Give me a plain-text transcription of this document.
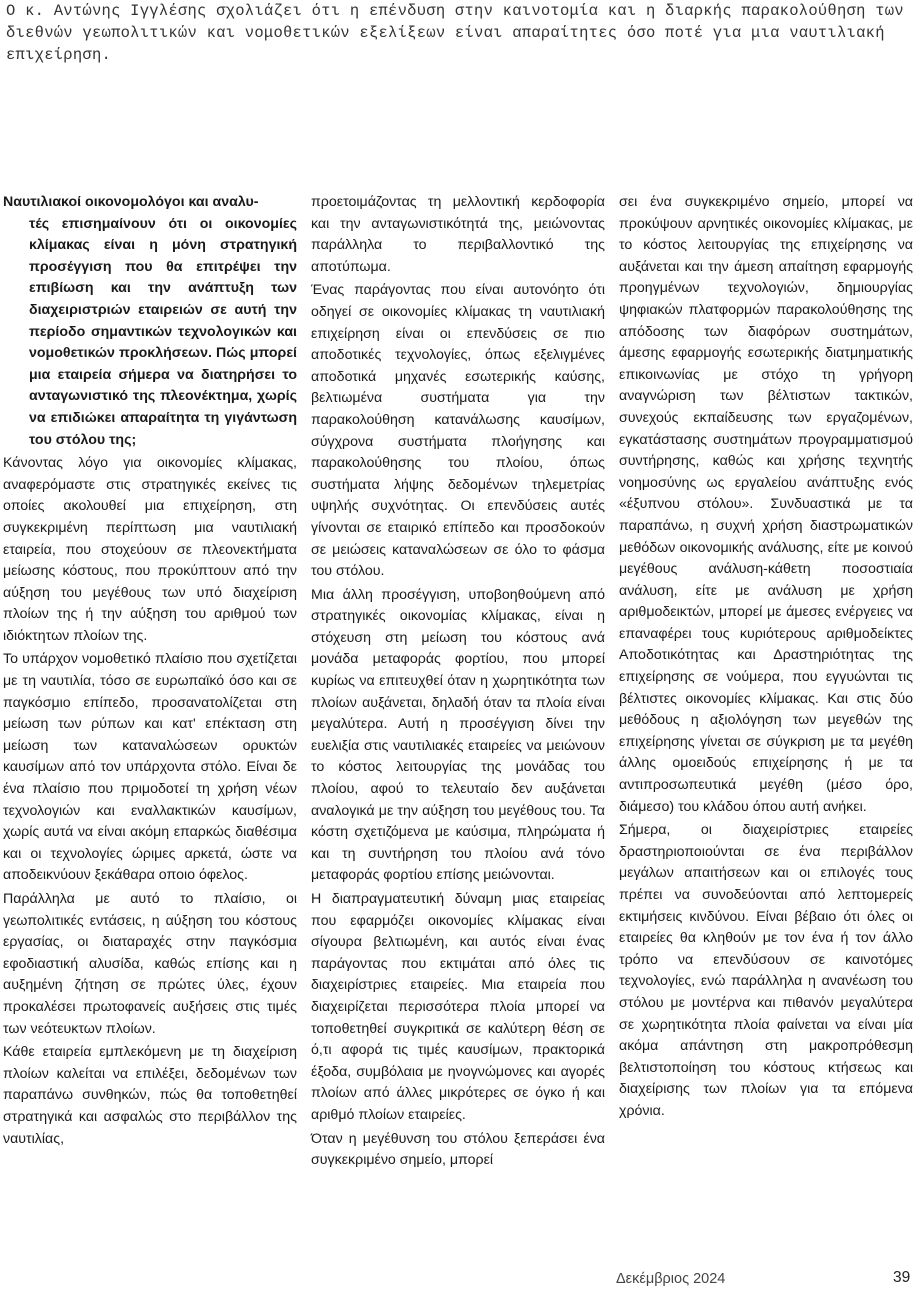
Ο κ. Αντώνης Ιγγλέσης σχολιάζει ότι η επένδυση στην καινοτομία και η διαρκής παρακολούθηση των διεθνών γεωπολιτικών και νομοθετικών εξελίξεων είναι απαραίτητες όσο ποτέ για μια ναυτιλιακή επιχείρηση.

Ναυτιλιακοί οικονομολόγοι και αναλυ-
τές επισημαίνουν ότι οι οικονομίες κλίμακας είναι η μόνη στρατηγική προσέγγιση που θα επιτρέψει την επιβίωση και την ανάπτυξη των διαχειριστριών εταιρειών σε αυτή την περίοδο σημαντικών τεχνολογικών και νομοθετικών προκλήσεων. Πώς μπορεί μια εταιρεία σήμερα να διατηρήσει το ανταγωνιστικό της πλεονέκτημα, χωρίς να επιδιώκει απαραίτητα τη γιγάντωση του στόλου της;

Κάνοντας λόγο για οικονομίες κλίμακας, αναφερόμαστε στις στρατηγικές εκείνες τις οποίες ακολουθεί μια επιχείρηση, στη συγκεκριμένη περίπτωση μια ναυτιλιακή εταιρεία, που στοχεύουν σε πλεονεκτήματα μείωσης κόστους, που προκύπτουν από την αύξηση του μεγέθους των υπό διαχείριση πλοίων της ή την αύξηση του αριθμού των ιδιόκτητων πλοίων της.

Το υπάρχον νομοθετικό πλαίσιο που σχετίζεται με τη ναυτιλία, τόσο σε ευρωπαϊκό όσο και σε παγκόσμιο επίπεδο, προσανατολίζεται στη μείωση των ρύπων και κατ' επέκταση στη μείωση των καταναλώσεων ορυκτών καυσίμων από τον υπάρχοντα στόλο. Είναι δε ένα πλαίσιο που πριμοδοτεί τη χρήση νέων τεχνολογιών και εναλλακτικών καυσίμων, χωρίς αυτά να είναι ακόμη επαρκώς διαθέσιμα και οι τεχνολογίες ώριμες αρκετά, ώστε να αποδεικνύουν ξεκάθαρα οποιο όφελος.

Παράλληλα με αυτό το πλαίσιο, οι γεωπολιτικές εντάσεις, η αύξηση του κόστους εργασίας, οι διαταραχές στην παγκόσμια εφοδιαστική αλυσίδα, καθώς επίσης και η αυξημένη ζήτηση σε πρώτες ύλες, έχουν προκαλέσει πρωτοφανείς αυξήσεις στις τιμές των νεότευκτων πλοίων.

Κάθε εταιρεία εμπλεκόμενη με τη διαχείριση πλοίων καλείται να επιλέξει, δεδομένων των παραπάνω συνθηκών, πώς θα τοποθετηθεί στρατηγικά και ασφαλώς στο περιβάλλον της ναυτιλίας,

προετοιμάζοντας τη μελλοντική κερδοφορία και την ανταγωνιστικότητά της, μειώνοντας παράλληλα το περιβαλλοντικό της αποτύπωμα.

Ένας παράγοντας που είναι αυτονόητο ότι οδηγεί σε οικονομίες κλίμακας τη ναυτιλιακή επιχείρηση είναι οι επενδύσεις σε πιο αποδοτικές τεχνολογίες, όπως εξελιγμένες αποδοτικά μηχανές εσωτερικής καύσης, βελτιωμένα συστήματα για την παρακολούθηση κατανάλωσης καυσίμων, σύγχρονα συστήματα πλοήγησης και παρακολούθησης του πλοίου, όπως συστήματα λήψης δεδομένων τηλεμετρίας υψηλής συχνότητας. Οι επενδύσεις αυτές γίνονται σε εταιρικό επίπεδο και προσδοκούν σε μειώσεις καταναλώσεων σε όλο το φάσμα του στόλου.

Μια άλλη προσέγγιση, υποβοηθούμενη από στρατηγικές οικονομίας κλίμακας, είναι η στόχευση στη μείωση του κόστους ανά μονάδα μεταφοράς φορτίου, που μπορεί κυρίως να επιτευχθεί όταν η χωρητικότητα των πλοίων αυξάνεται, δηλαδή όταν τα πλοία είναι μεγαλύτερα. Αυτή η προσέγγιση δίνει την ευελιξία στις ναυτιλιακές εταιρείες να μειώνουν το κόστος λειτουργίας της μονάδας του πλοίου, αφού το τελευταίο δεν αυξάνεται αναλογικά με την αύξηση του μεγέθους του. Τα κόστη σχετιζόμενα με καύσιμα, πληρώματα ή και τη συντήρηση του πλοίου ανά τόνο μεταφοράς φορτίου επίσης μειώνονται.

Η διαπραγματευτική δύναμη μιας εταιρείας που εφαρμόζει οικονομίες κλίμακας είναι σίγουρα βελτιωμένη, και αυτός είναι ένας παράγοντας που εκτιμάται από όλες τις διαχειρίστριες εταιρείες. Μια εταιρεία που διαχειρίζεται περισσότερα πλοία μπορεί να τοποθετηθεί συγκριτικά σε καλύτερη θέση σε ό,τι αφορά τις τιμές καυσίμων, πρακτορικά έξοδα, συμβόλαια με ηνογνώμονες και αγορές πλοίων από άλλες μικρότερες σε όγκο ή και αριθμό πλοίων εταιρείες.

Όταν η μεγέθυνση του στόλου ξεπεράσει ένα συγκεκριμένο σημείο, μπορεί

σει ένα συγκεκριμένο σημείο, μπορεί να προκύψουν αρνητικές οικονομίες κλίμακας, με το κόστος λειτουργίας της επιχείρησης να αυξάνεται και την άμεση απαίτηση εφαρμογής προηγμένων τεχνολογιών, δημιουργίας ψηφιακών πλατφορμών παρακολούθησης της απόδοσης των διαφόρων συστημάτων, άμεσης εφαρμογής εσωτερικής διατμηματικής επικοινωνίας με στόχο τη γρήγορη αναγνώριση των βέλτιστων τακτικών, συνεχούς εκπαίδευσης των εργαζομένων, εγκατάστασης συστημάτων προγραμματισμού συντήρησης, καθώς και χρήσης τεχνητής νοημοσύνης ως εργαλείου ανάπτυξης ενός «έξυπνου στόλου». Συνδυαστικά με τα παραπάνω, η συχνή χρήση διαστρωματικών μεθόδων οικονομικής ανάλυσης, είτε με κοινού μεγέθους ανάλυση-κάθετη ποσοστιαία ανάλυση, είτε με ανάλυση με χρήση αριθμοδεικτών, μπορεί με άμεσες ενέργειες να επαναφέρει τους κυριότερους αριθμοδείκτες Αποδοτικότητας και Δραστηριότητας της επιχείρησης σε νούμερα, που εγγυώνται τις βέλτιστες οικονομίες κλίμακας. Και στις δύο μεθόδους η αξιολόγηση των μεγεθών της επιχείρησης γίνεται σε σύγκριση με τα μεγέθη άλλης ομοειδούς επιχείρησης ή με τα αντιπροσωπευτικά μεγέθη (μέσο όρο, διάμεσο) του κλάδου όπου αυτή ανήκει.

Σήμερα, οι διαχειρίστριες εταιρείες δραστηριοποιούνται σε ένα περιβάλλον μεγάλων απαιτήσεων και οι επιλογές τους πρέπει να συνοδεύονται από λεπτομερείς εκτιμήσεις κινδύνου. Είναι βέβαιο ότι όλες οι εταιρείες θα κληθούν με τον ένα ή τον άλλο τρόπο να επενδύσουν σε καινοτόμες τεχνολογίες, ενώ παράλληλα η ανανέωση του στόλου με μοντέρνα και πιθανόν μεγαλύτερα σε χωρητικότητα πλοία φαίνεται να είναι μία ακόμα απάντηση στη μακροπρόθεσμη βελτιστοποίηση του κόστους κτήσεως και διαχείρισης των πλοίων για τα επόμενα χρόνια.

Δεκέμβριος 2024	39
